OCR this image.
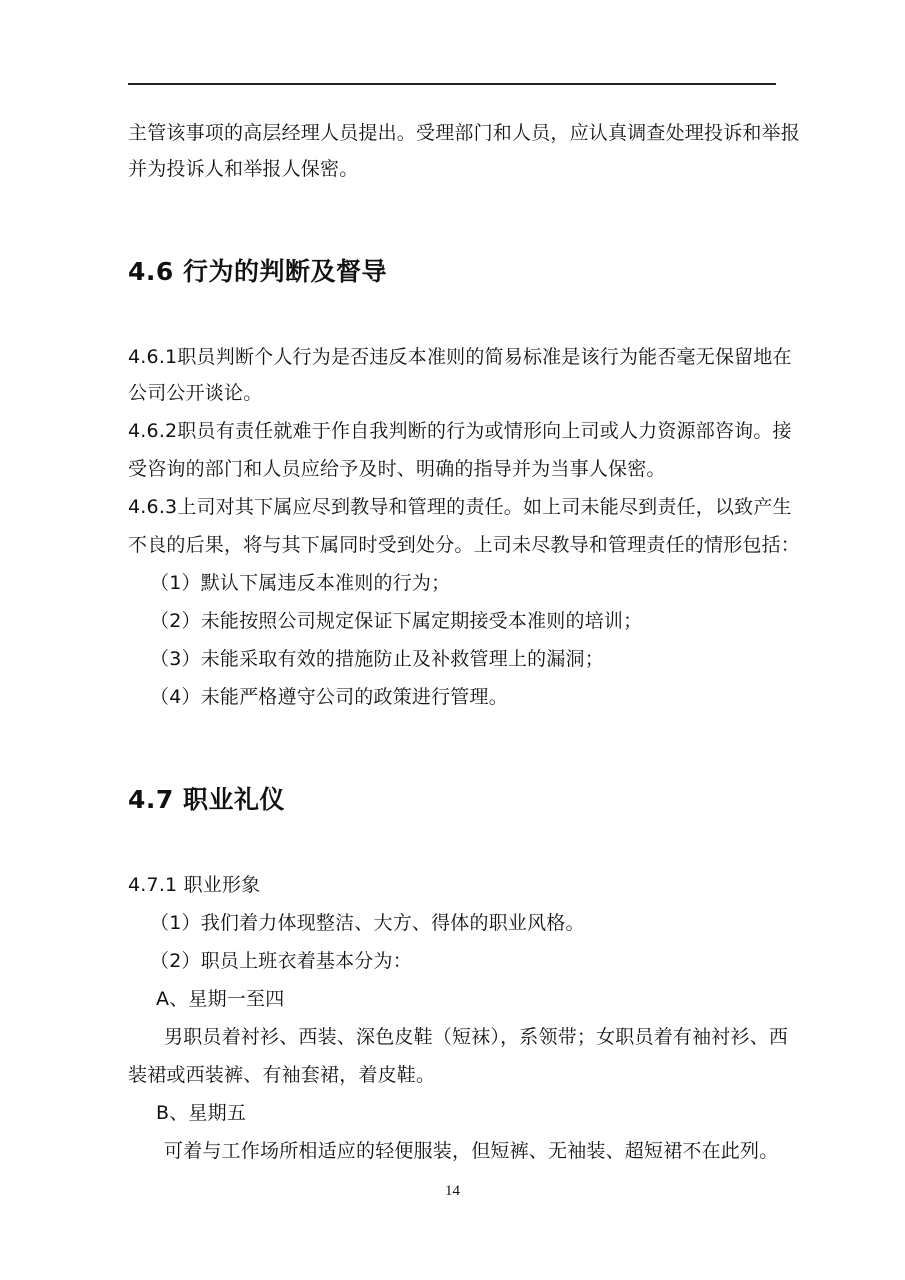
主管该事项的高层经理人员提出。受理部门和人员，应认真调查处理投诉和举报
并为投诉人和举报人保密。
4.6 行为的判断及督导
4.6.1职员判断个人行为是否违反本准则的简易标准是该行为能否毫无保留地在
公司公开谈论。
4.6.2职员有责任就难于作自我判断的行为或情形向上司或人力资源部咨询。接
受咨询的部门和人员应给予及时、明确的指导并为当事人保密。
4.6.3上司对其下属应尽到教导和管理的责任。如上司未能尽到责任，以致产生
不良的后果，将与其下属同时受到处分。上司未尽教导和管理责任的情形包括：
（1）默认下属违反本准则的行为；
（2）未能按照公司规定保证下属定期接受本准则的培训；
（3）未能采取有效的措施防止及补救管理上的漏洞；
（4）未能严格遵守公司的政策进行管理。
4.7 职业礼仪
4.7.1 职业形象
（1）我们着力体现整洁、大方、得体的职业风格。
（2）职员上班衣着基本分为：
A、星期一至四
男职员着衬衫、西装、深色皮鞋（短袜），系领带；女职员着有袖衬衫、西
装裙或西装裤、有袖套裙，着皮鞋。
B、星期五
可着与工作场所相适应的轻便服装，但短裤、无袖装、超短裙不在此列。
14
